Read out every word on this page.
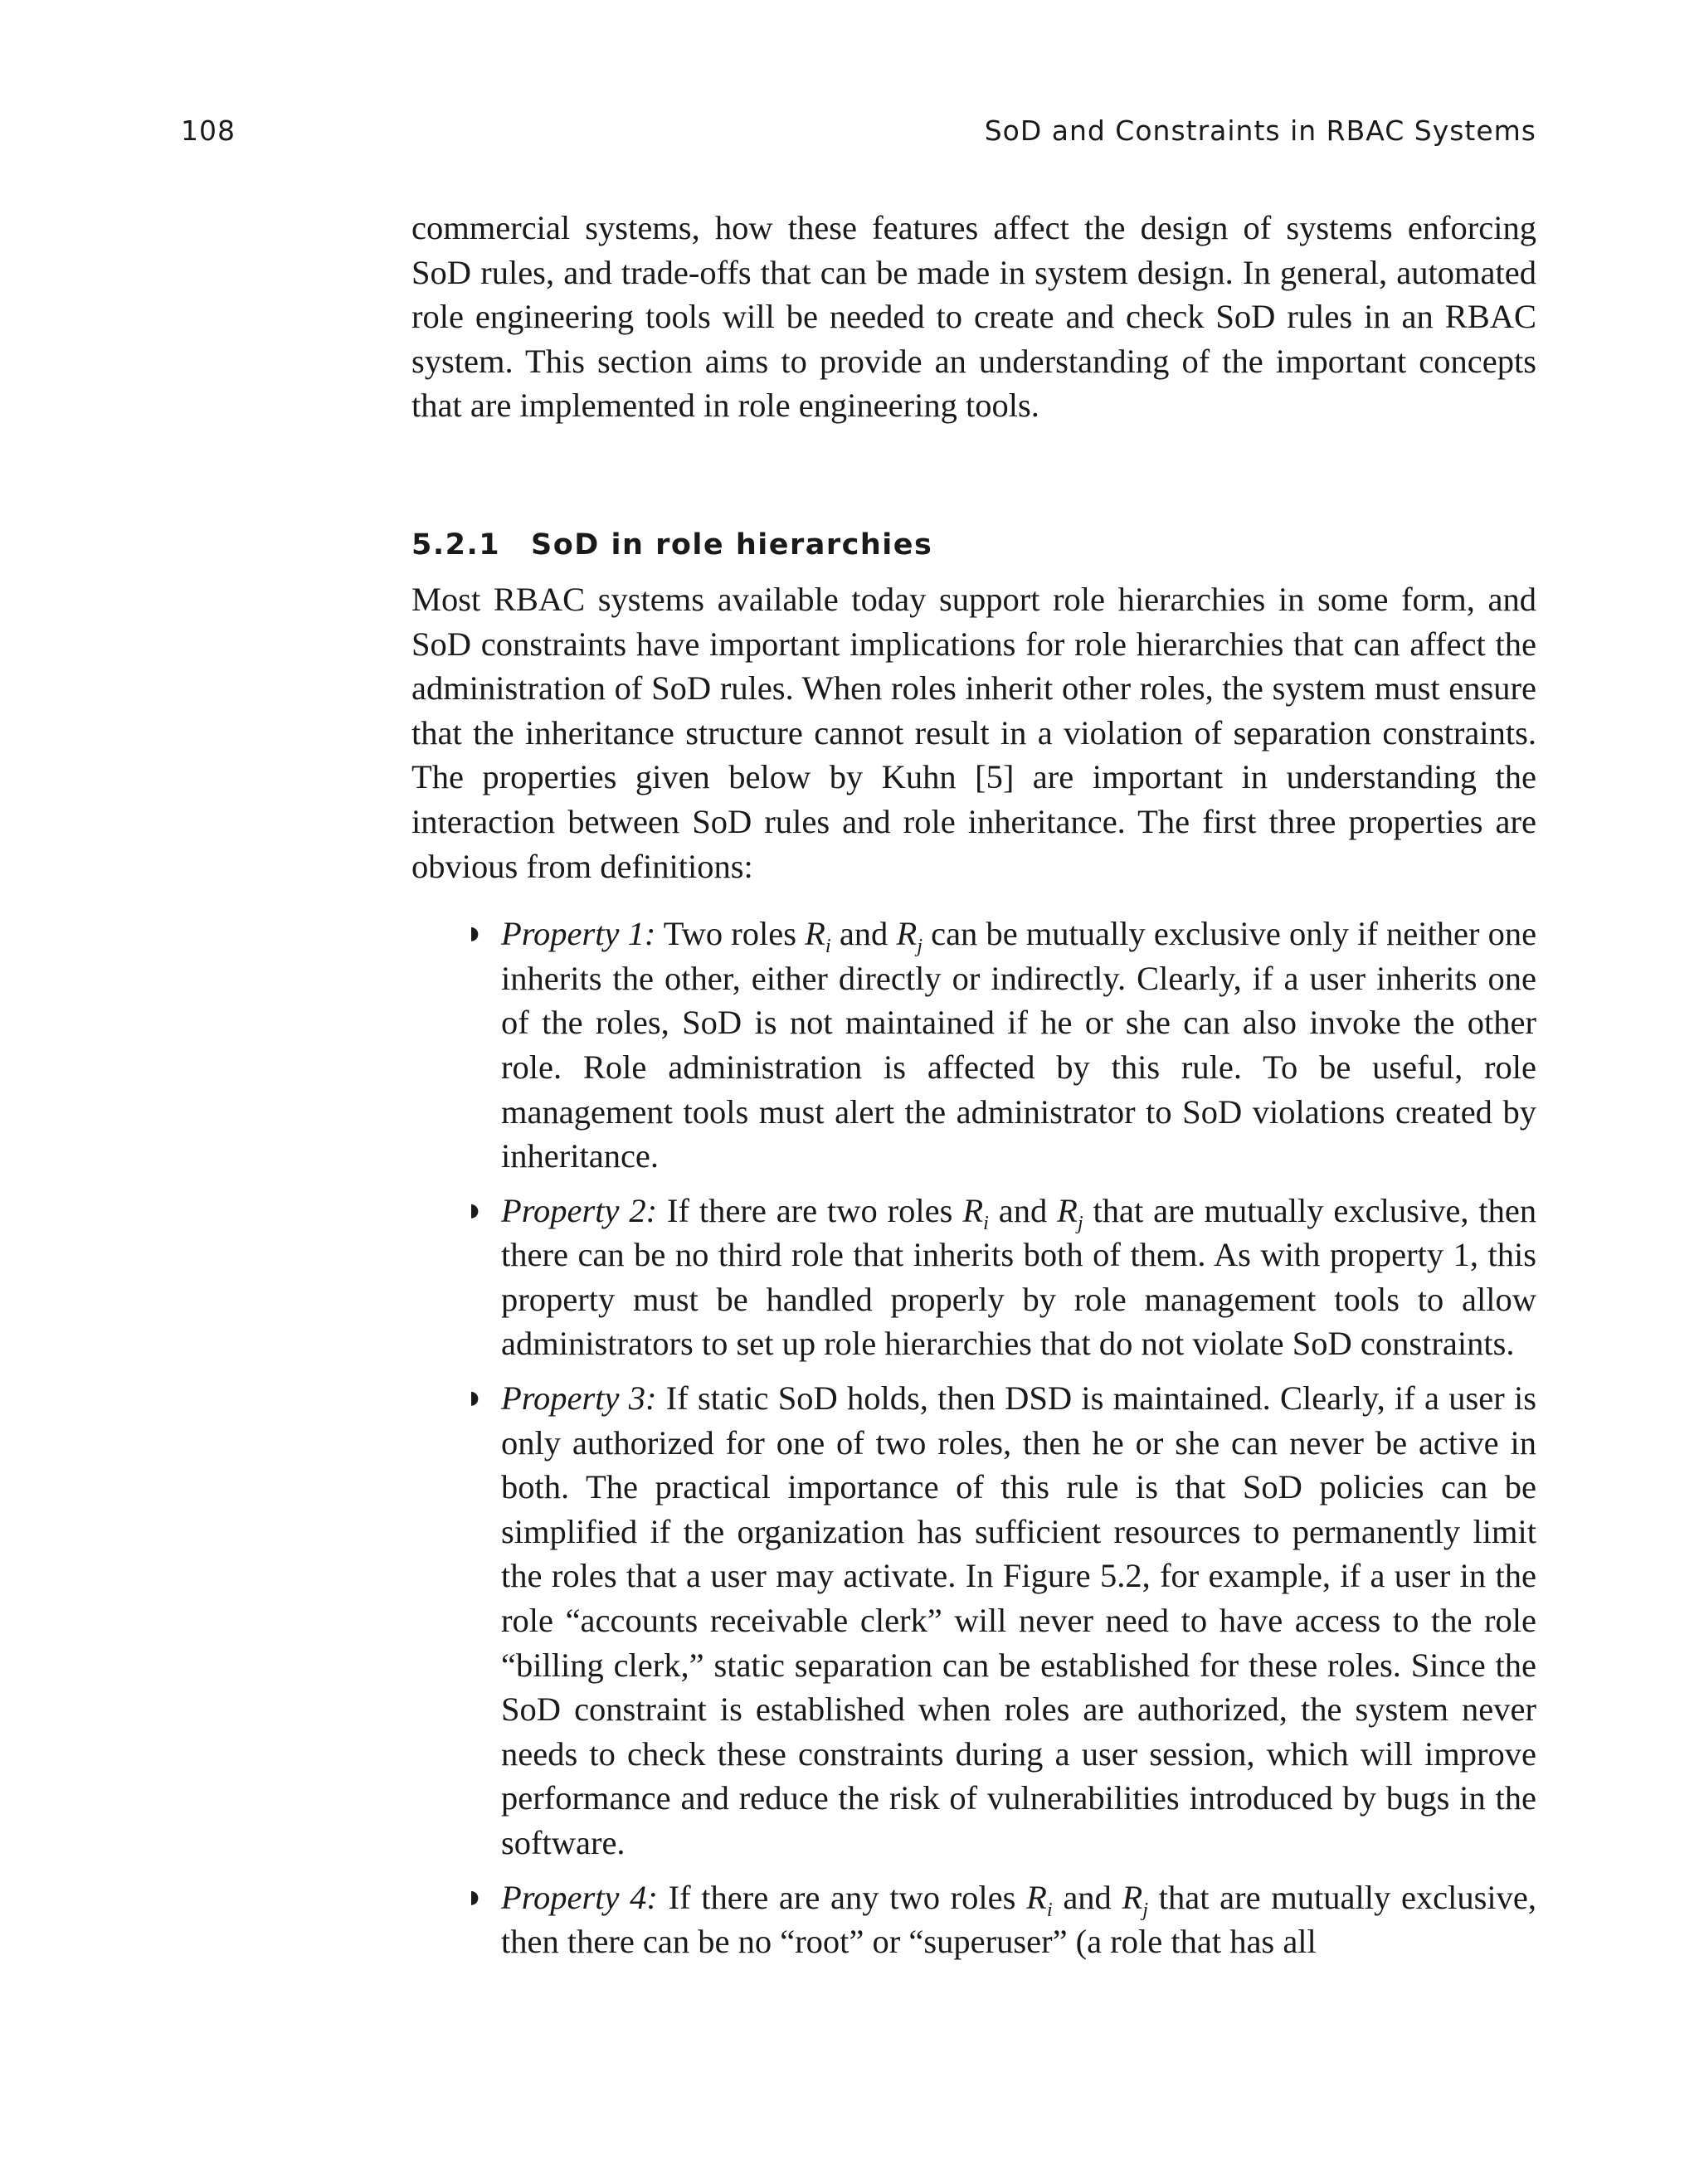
108	SoD and Constraints in RBAC Systems

commercial systems, how these features affect the design of systems enforcing SoD rules, and trade-offs that can be made in system design. In general, automated role engineering tools will be needed to create and check SoD rules in an RBAC system. This section aims to provide an understanding of the important concepts that are implemented in role engineering tools.

5.2.1 SoD in role hierarchies

Most RBAC systems available today support role hierarchies in some form, and SoD constraints have important implications for role hierarchies that can affect the administration of SoD rules. When roles inherit other roles, the system must ensure that the inheritance structure cannot result in a violation of separation constraints. The properties given below by Kuhn [5] are important in understanding the interaction between SoD rules and role inheritance. The first three properties are obvious from definitions:

◗ Property 1: Two roles $R_i$ and $R_j$ can be mutually exclusive only if neither one inherits the other, either directly or indirectly. Clearly, if a user inherits one of the roles, SoD is not maintained if he or she can also invoke the other role. Role administration is affected by this rule. To be useful, role management tools must alert the administrator to SoD violations created by inheritance.
◗ Property 2: If there are two roles $R_i$ and $R_j$ that are mutually exclusive, then there can be no third role that inherits both of them. As with property 1, this property must be handled properly by role management tools to allow administrators to set up role hierarchies that do not violate SoD constraints.
◗ Property 3: If static SoD holds, then DSD is maintained. Clearly, if a user is only authorized for one of two roles, then he or she can never be active in both. The practical importance of this rule is that SoD policies can be simplified if the organization has sufficient resources to permanently limit the roles that a user may activate. In Figure 5.2, for example, if a user in the role “accounts receivable clerk” will never need to have access to the role “billing clerk,” static separation can be established for these roles. Since the SoD constraint is established when roles are authorized, the system never needs to check these constraints during a user session, which will improve performance and reduce the risk of vulnerabilities introduced by bugs in the software.
◗ Property 4: If there are any two roles $R_i$ and $R_j$ that are mutually exclusive, then there can be no “root” or “superuser” (a role that has all
